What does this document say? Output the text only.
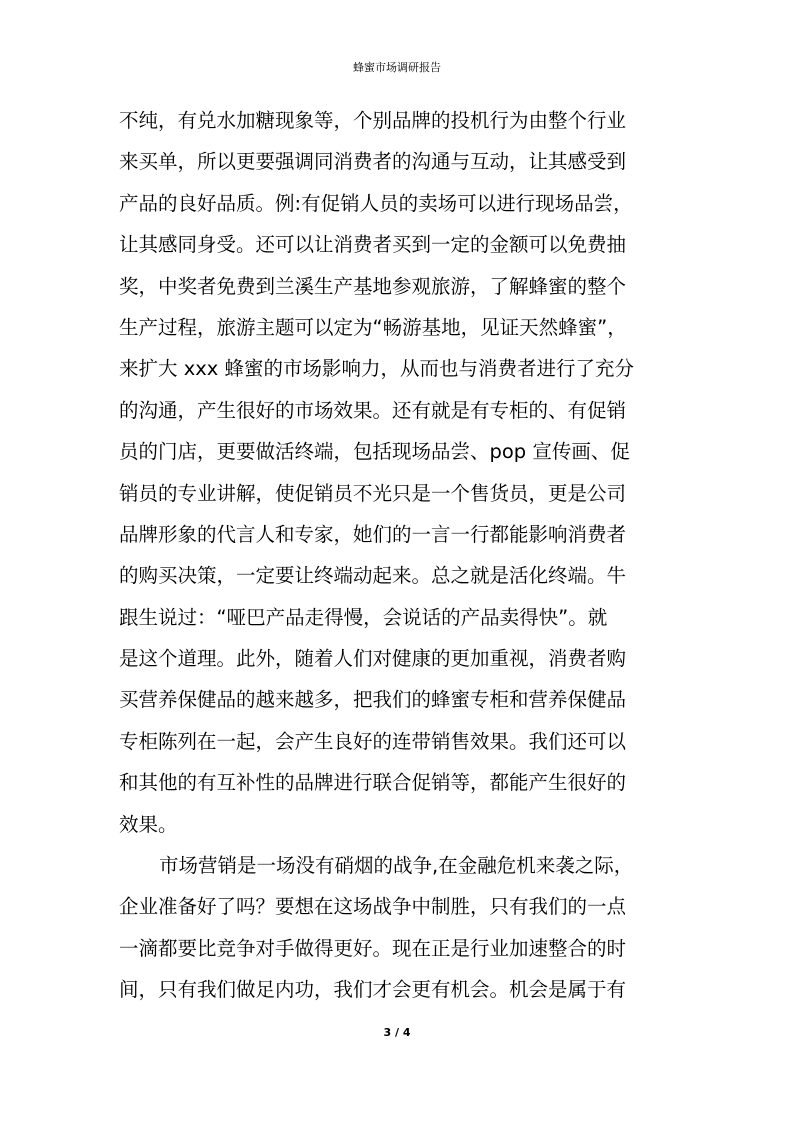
蜂蜜市场调研报告
不纯，有兑水加糖现象等，个别品牌的投机行为由整个行业
来买单，所以更要强调同消费者的沟通与互动，让其感受到
产品的良好品质。例:有促销人员的卖场可以进行现场品尝，
让其感同身受。还可以让消费者买到一定的金额可以免费抽
奖，中奖者免费到兰溪生产基地参观旅游，了解蜂蜜的整个
生产过程，旅游主题可以定为“畅游基地，见证天然蜂蜜”，
来扩大 xxx 蜂蜜的市场影响力，从而也与消费者进行了充分
的沟通，产生很好的市场效果。还有就是有专柜的、有促销
员的门店，更要做活终端，包括现场品尝、pop 宣传画、促
销员的专业讲解，使促销员不光只是一个售货员，更是公司
品牌形象的代言人和专家，她们的一言一行都能影响消费者
的购买决策，一定要让终端动起来。总之就是活化终端。牛
跟生说过：“哑巴产品走得慢，会说话的产品卖得快”。就
是这个道理。此外，随着人们对健康的更加重视，消费者购
买营养保健品的越来越多，把我们的蜂蜜专柜和营养保健品
专柜陈列在一起，会产生良好的连带销售效果。我们还可以
和其他的有互补性的品牌进行联合促销等，都能产生很好的
效果。
市场营销是一场没有硝烟的战争,在金融危机来袭之际，
企业准备好了吗？要想在这场战争中制胜，只有我们的一点
一滴都要比竞争对手做得更好。现在正是行业加速整合的时
间，只有我们做足内功，我们才会更有机会。机会是属于有
3 / 4
